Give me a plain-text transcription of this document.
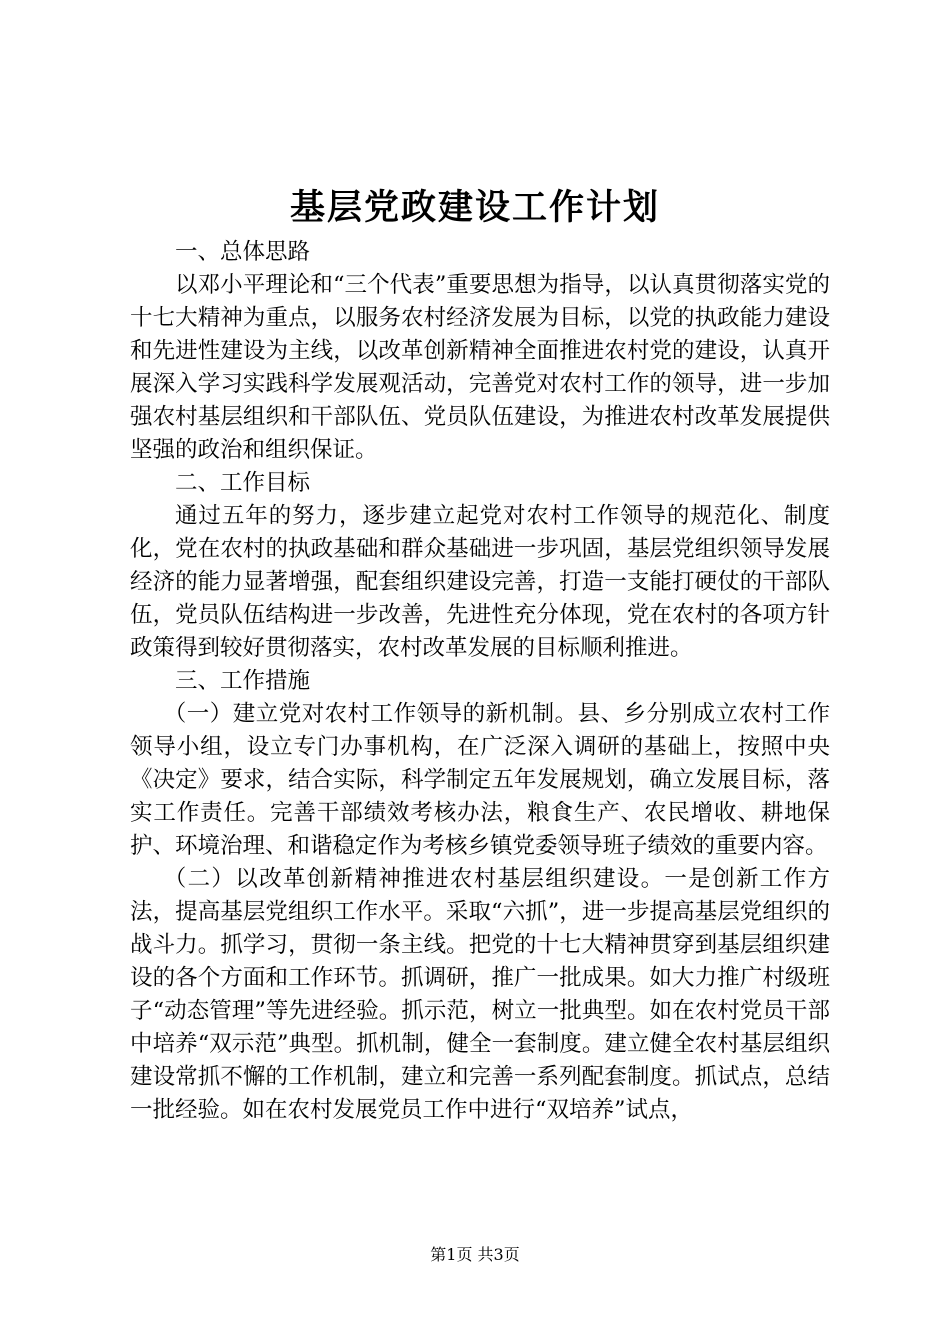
基层党政建设工作计划

一、总体思路

以邓小平理论和“三个代表”重要思想为指导，以认真贯彻落实党的十七大精神为重点，以服务农村经济发展为目标，以党的执政能力建设和先进性建设为主线，以改革创新精神全面推进农村党的建设，认真开展深入学习实践科学发展观活动，完善党对农村工作的领导，进一步加强农村基层组织和干部队伍、党员队伍建设，为推进农村改革发展提供坚强的政治和组织保证。

二、工作目标

通过五年的努力，逐步建立起党对农村工作领导的规范化、制度化，党在农村的执政基础和群众基础进一步巩固，基层党组织领导发展经济的能力显著增强，配套组织建设完善，打造一支能打硬仗的干部队伍，党员队伍结构进一步改善，先进性充分体现，党在农村的各项方针政策得到较好贯彻落实，农村改革发展的目标顺利推进。

三、工作措施

（一）建立党对农村工作领导的新机制。县、乡分别成立农村工作领导小组，设立专门办事机构，在广泛深入调研的基础上，按照中央《决定》要求，结合实际，科学制定五年发展规划，确立发展目标，落实工作责任。完善干部绩效考核办法，粮食生产、农民增收、耕地保护、环境治理、和谐稳定作为考核乡镇党委领导班子绩效的重要内容。

（二）以改革创新精神推进农村基层组织建设。一是创新工作方法，提高基层党组织工作水平。采取“六抓”，进一步提高基层党组织的战斗力。抓学习，贯彻一条主线。把党的十七大精神贯穿到基层组织建设的各个方面和工作环节。抓调研，推广一批成果。如大力推广村级班子“动态管理”等先进经验。抓示范，树立一批典型。如在农村党员干部中培养“双示范”典型。抓机制，健全一套制度。建立健全农村基层组织建设常抓不懈的工作机制，建立和完善一系列配套制度。抓试点，总结一批经验。如在农村发展党员工作中进行“双培养”试点，

第1页 共3页
